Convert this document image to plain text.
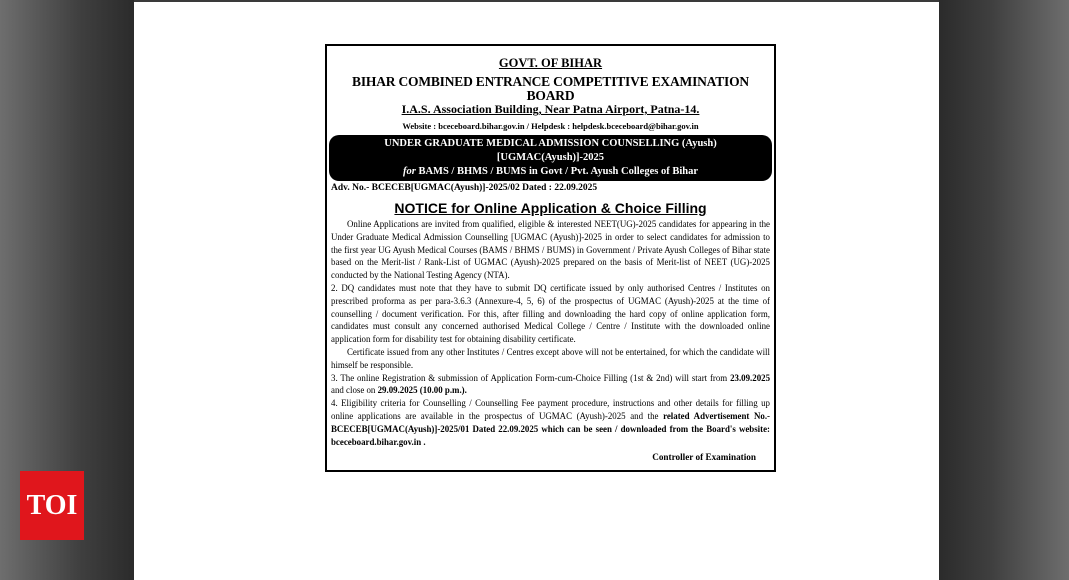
TOI
GOVT. OF BIHAR
BIHAR COMBINED ENTRANCE COMPETITIVE EXAMINATION BOARD
I.A.S. Association Building, Near Patna Airport, Patna-14.
Website : bceceboard.bihar.gov.in / Helpdesk : helpdesk.bceceboard@bihar.gov.in
UNDER GRADUATE MEDICAL ADMISSION COUNSELLING (Ayush) [UGMAC(Ayush)]-2025
for BAMS / BHMS / BUMS in Govt / Pvt. Ayush Colleges of Bihar
Adv. No.- BCECEB[UGMAC(Ayush)]-2025/02 Dated : 22.09.2025
NOTICE for Online Application & Choice Filling

Online Applications are invited from qualified, eligible & interested NEET(UG)-2025 candidates for appearing in the Under Graduate Medical Admission Counselling [UGMAC (Ayush)]-2025 in order to select candidates for admission to the first year UG Ayush Medical Courses (BAMS / BHMS / BUMS) in Government / Private Ayush Colleges of Bihar state based on the Merit-list / Rank-List of UGMAC (Ayush)-2025 prepared on the basis of Merit-list of NEET (UG)-2025 conducted by the National Testing Agency (NTA).

2. DQ candidates must note that they have to submit DQ certificate issued by only authorised Centres / Institutes on prescribed proforma as per para-3.6.3 (Annexure-4, 5, 6) of the prospectus of UGMAC (Ayush)-2025 at the time of counselling / document verification. For this, after filling and downloading the hard copy of online application form, candidates must consult any concerned authorised Medical College / Centre / Institute with the downloaded online application form for disability test for obtaining disability certificate.

Certificate issued from any other Institutes / Centres except above will not be entertained, for which the candidate will himself be responsible.

3. The online Registration & submission of Application Form-cum-Choice Filling (1st & 2nd) will start from 23.09.2025 and close on 29.09.2025 (10.00 p.m.).

4. Eligibility criteria for Counselling / Counselling Fee payment procedure, instructions and other details for filling up online applications are available in the prospectus of UGMAC (Ayush)-2025 and the related Advertisement No.-BCECEB[UGMAC(Ayush)]-2025/01 Dated 22.09.2025 which can be seen / downloaded from the Board's website: bceceboard.bihar.gov.in .

Controller of Examination
